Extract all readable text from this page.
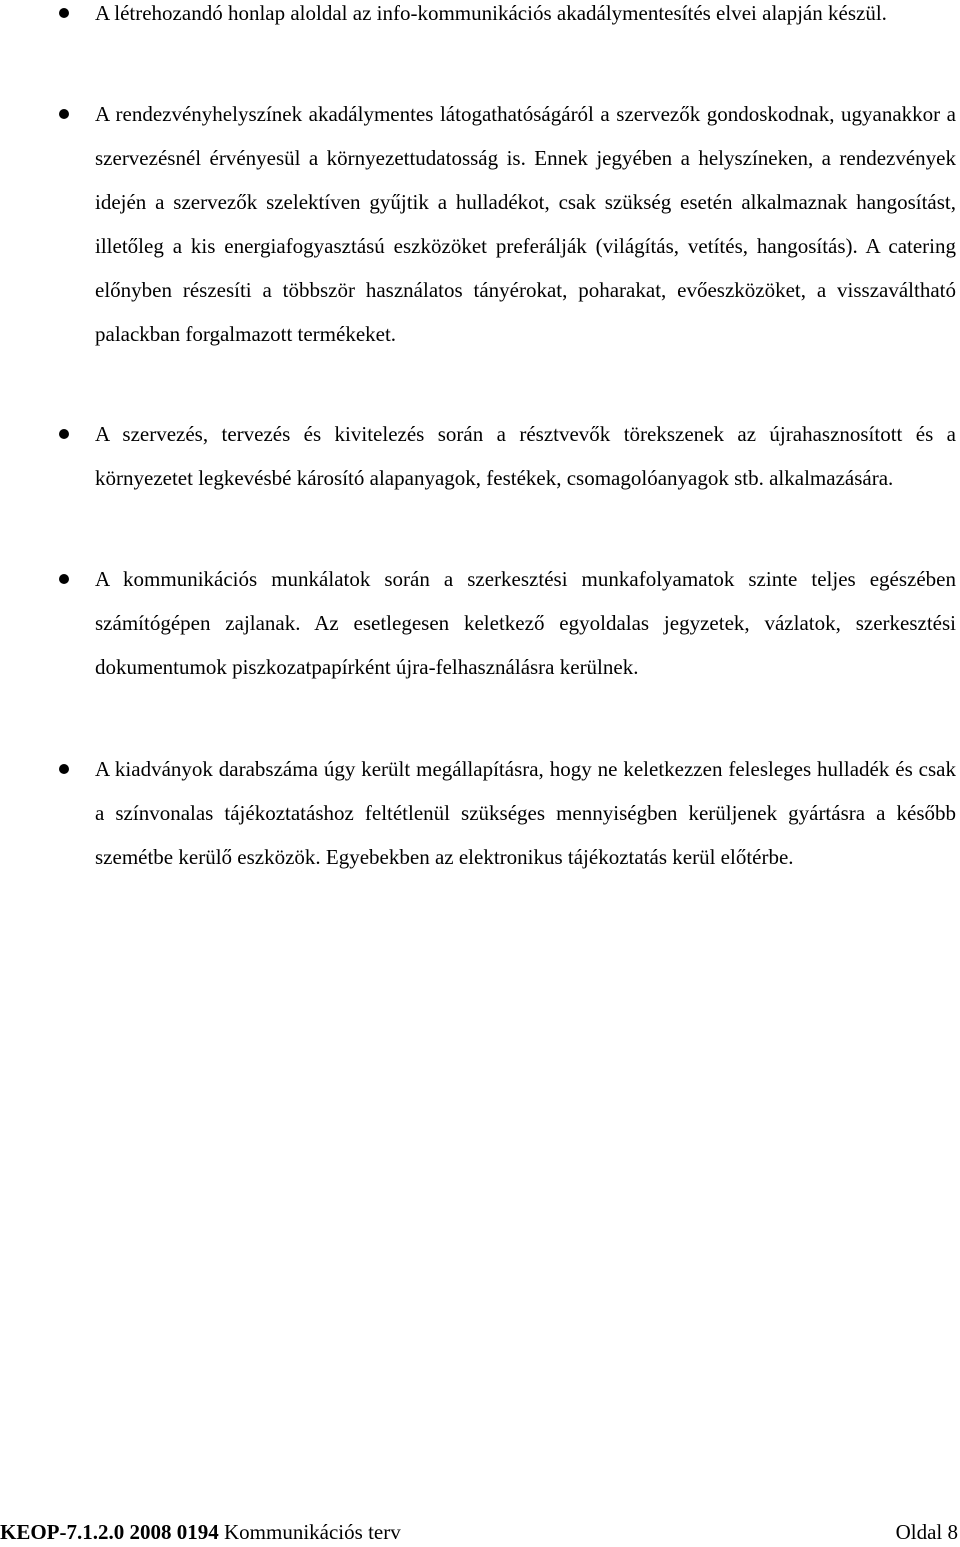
A létrehozandó honlap aloldal az info-kommunikációs akadálymentesítés elvei alapján készül.
A rendezvényhelyszínek akadálymentes látogathatóságáról a szervezők gondoskodnak, ugyanakkor a szervezésnél érvényesül a környezettudatosság is. Ennek jegyében a helyszíneken, a rendezvények idején a szervezők szelektíven gyűjtik a hulladékot, csak szükség esetén alkalmaznak hangosítást, illetőleg a kis energiafogyasztású eszközöket preferálják (világítás, vetítés, hangosítás). A catering előnyben részesíti a többször használatos tányérokat, poharakat, evőeszközöket, a visszaváltható palackban forgalmazott termékeket.
A szervezés, tervezés és kivitelezés során a résztvevők törekszenek az újrahasznosított és a környezetet legkevésbé károsító alapanyagok, festékek, csomagolóanyagok stb. alkalmazására.
A kommunikációs munkálatok során a szerkesztési munkafolyamatok szinte teljes egészében számítógépen zajlanak. Az esetlegesen keletkező egyoldalas jegyzetek, vázlatok, szerkesztési dokumentumok piszkozatpapírként újra-felhasználásra kerülnek.
A kiadványok darabszáma úgy került megállapításra, hogy ne keletkezzen felesleges hulladék és csak a színvonalas tájékoztatáshoz feltétlenül szükséges mennyiségben kerüljenek gyártásra a később szemétbe kerülő eszközök. Egyebekben az elektronikus tájékoztatás kerül előtérbe.
KEOP-7.1.2.0 2008 0194 Kommunikációs terv	Oldal 8
